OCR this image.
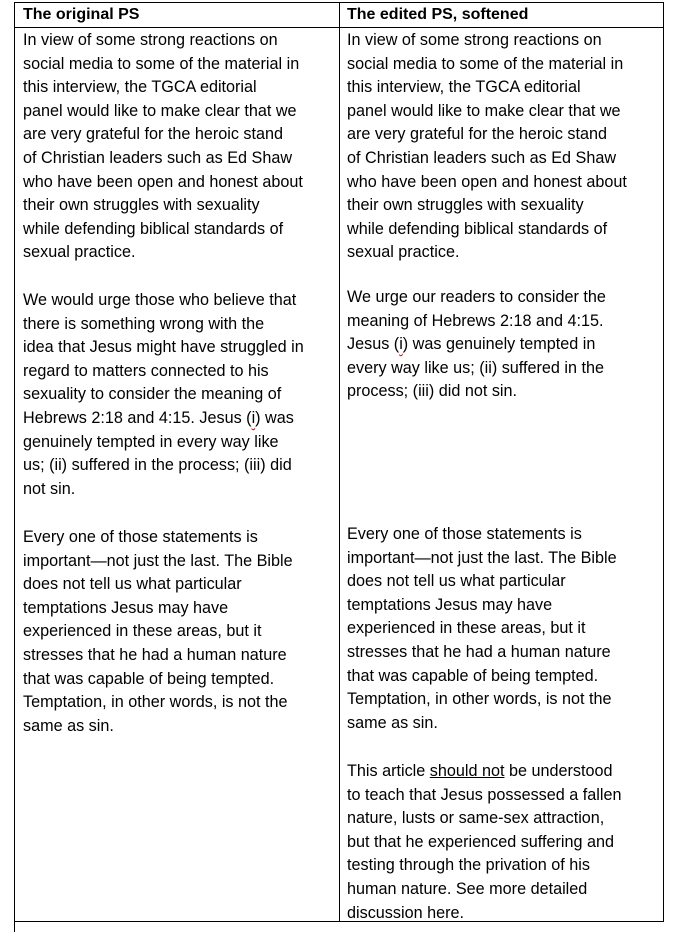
The original PS	The edited PS, softened

In view of some strong reactions on
social media to some of the material in
this interview, the TGCA editorial
panel would like to make clear that we
are very grateful for the heroic stand
of Christian leaders such as Ed Shaw
who have been open and honest about
their own struggles with sexuality
while defending biblical standards of
sexual practice.

We would urge those who believe that
there is something wrong with the
idea that Jesus might have struggled in
regard to matters connected to his
sexuality to consider the meaning of
Hebrews 2:18 and 4:15. Jesus (i) was
genuinely tempted in every way like
us; (ii) suffered in the process; (iii) did
not sin.

Every one of those statements is
important—not just the last. The Bible
does not tell us what particular
temptations Jesus may have
experienced in these areas, but it
stresses that he had a human nature
that was capable of being tempted.
Temptation, in other words, is not the
same as sin.

In view of some strong reactions on
social media to some of the material in
this interview, the TGCA editorial
panel would like to make clear that we
are very grateful for the heroic stand
of Christian leaders such as Ed Shaw
who have been open and honest about
their own struggles with sexuality
while defending biblical standards of
sexual practice.

We urge our readers to consider the
meaning of Hebrews 2:18 and 4:15.
Jesus (i) was genuinely tempted in
every way like us; (ii) suffered in the
process; (iii) did not sin.

Every one of those statements is
important—not just the last. The Bible
does not tell us what particular
temptations Jesus may have
experienced in these areas, but it
stresses that he had a human nature
that was capable of being tempted.
Temptation, in other words, is not the
same as sin.

This article should not be understood
to teach that Jesus possessed a fallen
nature, lusts or same-sex attraction,
but that he experienced suffering and
testing through the privation of his
human nature. See more detailed
discussion here.
